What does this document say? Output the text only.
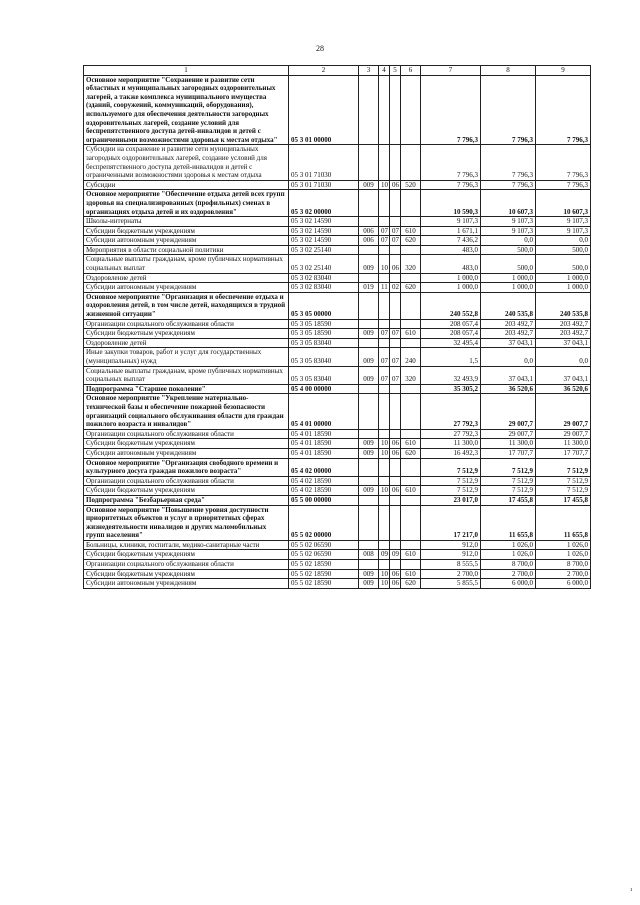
28
1	2	3	4	5	6	7	8	9
Основное мероприятие "Сохранение и развитие сети областных и муниципальных загородных оздоровительных лагерей, а также комплекса муниципального имущества (зданий, сооружений, коммуникаций, оборудования), используемого для обеспечения деятельности загородных оздоровительных лагерей, создание условий для беспрепятственного доступа детей-инвалидов и детей с ограниченными возможностями здоровья к местам отдыха"	05 3 01 00000					7 796,3	7 796,3	7 796,3
Субсидии на сохранение и развитие сети муниципальных загородных оздоровительных лагерей, создание условий для беспрепятственного доступа детей-инвалидов и детей с ограниченными возможностями здоровья к местам отдыха	05 3 01 71030					7 796,3	7 796,3	7 796,3
Субсидии	05 3 01 71030	009	10	06	520	7 796,3	7 796,3	7 796,3
Основное мероприятие "Обеспечение отдыха детей всех групп здоровья на специализированных (профильных) сменах в организациях отдыха детей и их оздоровления"	05 3 02 00000					10 590,3	10 607,3	10 607,3
Школы-интернаты	05 3 02 14590					9 107,3	9 107,3	9 107,3
Субсидии бюджетным учреждениям	05 3 02 14590	006	07	07	610	1 671,1	9 107,3	9 107,3
Субсидии автономным учреждениям	05 3 02 14590	006	07	07	620	7 436,2	0,0	0,0
Мероприятия в области социальной политики	05 3 02 25140					483,0	500,0	500,0
Социальные выплаты гражданам, кроме публичных нормативных социальных выплат	05 3 02 25140	009	10	06	320	483,0	500,0	500,0
Оздоровление детей	05 3 02 83040					1 000,0	1 000,0	1 000,0
Субсидии автономным учреждениям	05 3 02 83040	019	11	02	620	1 000,0	1 000,0	1 000,0
Основное мероприятие "Организация и обеспечение отдыха и оздоровления детей, в том числе детей, находящихся в трудной жизненной ситуации"	05 3 05 00000					240 552,8	240 535,8	240 535,8
Организации социального обслуживания области	05 3 05 18590					208 057,4	203 492,7	203 492,7
Субсидии бюджетным учреждениям	05 3 05 18590	009	07	07	610	208 057,4	203 492,7	203 492,7
Оздоровление детей	05 3 05 83040					32 495,4	37 043,1	37 043,1
Иные закупки товаров, работ и услуг для государственных (муниципальных) нужд	05 3 05 83040	009	07	07	240	1,5	0,0	0,0
Социальные выплаты гражданам, кроме публичных нормативных социальных выплат	05 3 05 83040	009	07	07	320	32 493,9	37 043,1	37 043,1
Подпрограмма "Старшее поколение"	05 4 00 00000					35 305,2	36 520,6	36 520,6
Основное мероприятие "Укрепление материально-технической базы и обеспечение пожарной безопасности организаций социального обслуживания области для граждан пожилого возраста и инвалидов"	05 4 01 00000					27 792,3	29 007,7	29 007,7
Организации социального обслуживания области	05 4 01 18590					27 792,3	29 007,7	29 007,7
Субсидии бюджетным учреждениям	05 4 01 18590	009	10	06	610	11 300,0	11 300,0	11 300,0
Субсидии автономным учреждениям	05 4 01 18590	009	10	06	620	16 492,3	17 707,7	17 707,7
Основное мероприятие "Организация свободного времени и культурного досуга граждан пожилого возраста"	05 4 02 00000					7 512,9	7 512,9	7 512,9
Организации социального обслуживания области	05 4 02 18590					7 512,9	7 512,9	7 512,9
Субсидии бюджетным учреждениям	05 4 02 18590	009	10	06	610	7 512,9	7 512,9	7 512,9
Подпрограмма "Безбарьерная среда"	05 5 00 00000					23 017,0	17 455,8	17 455,8
Основное мероприятие "Повышение уровня доступности приоритетных объектов и услуг в приоритетных сферах жизнедеятельности инвалидов и других маломобильных групп населения"	05 5 02 00000					17 217,0	11 655,8	11 655,8
Больницы, клиники, госпитали, медико-санитарные части	05 5 02 06590					912,0	1 026,0	1 026,0
Субсидии бюджетным учреждениям	05 5 02 06590	008	09	09	610	912,0	1 026,0	1 026,0
Организации социального обслуживания области	05 5 02 18590					8 555,5	8 700,0	8 700,0
Субсидии бюджетным учреждениям	05 5 02 18590	009	10	06	610	2 700,0	2 700,0	2 700,0
Субсидии автономным учреждениям	05 5 02 18590	009	10	06	620	5 855,5	6 000,0	6 000,0
ı
